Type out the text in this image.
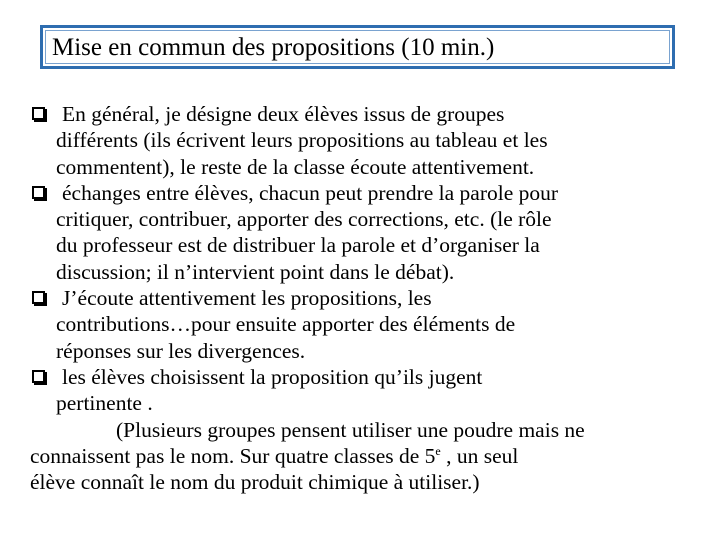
Mise en commun des propositions (10 min.)
En général, je désigne deux élèves issus de groupes
différents (ils écrivent leurs propositions au tableau et les
commentent), le reste de la classe écoute attentivement.
échanges entre élèves, chacun peut prendre la parole pour
critiquer, contribuer, apporter des corrections, etc. (le rôle
du professeur est de distribuer la parole et d’organiser la
discussion; il n’intervient point dans le débat).
J’écoute attentivement les propositions, les
contributions…pour ensuite apporter des éléments de
réponses sur les divergences.
les élèves choisissent la proposition qu’ils jugent
pertinente .
(Plusieurs groupes pensent utiliser une poudre mais ne
connaissent pas le nom. Sur quatre classes de 5e , un seul
élève connaît le nom du produit chimique à utiliser.)
